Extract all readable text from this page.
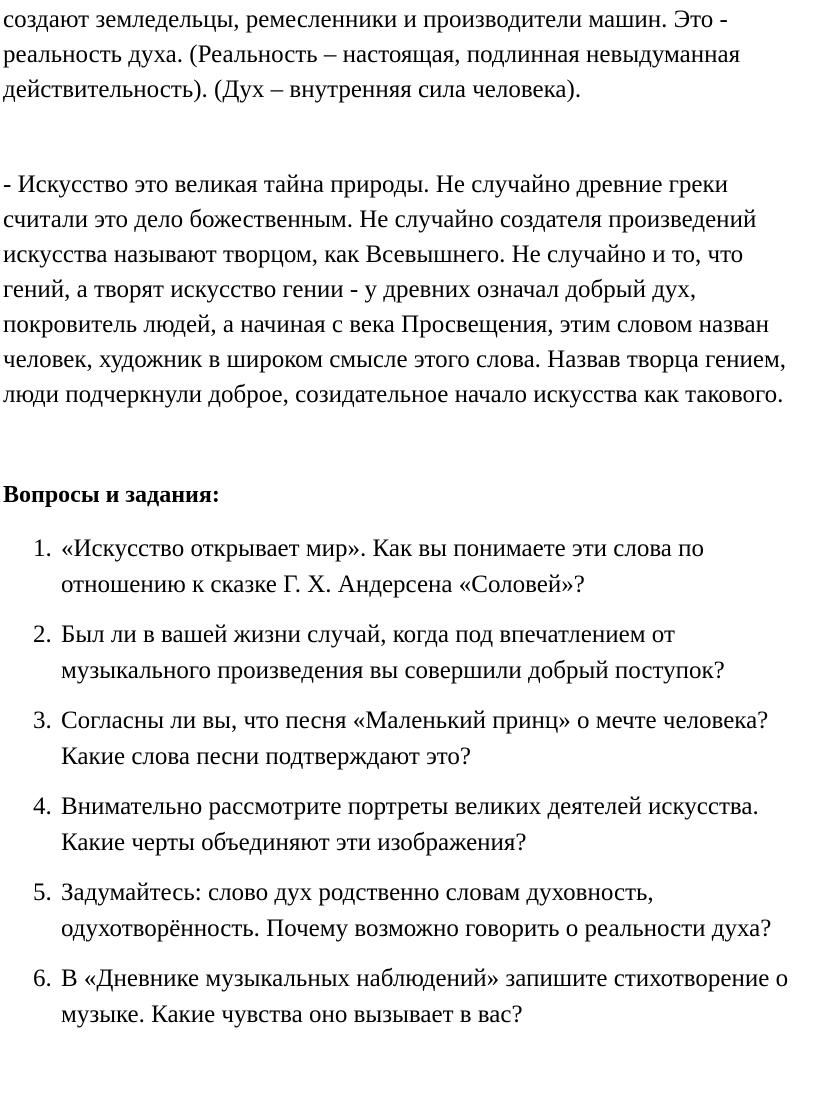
создают земледельцы, ремесленники и производители машин. Это - реальность духа. (Реальность – настоящая, подлинная невыдуманная действительность). (Дух – внутренняя сила человека).

- Искусство это великая тайна природы. Не случайно древние греки считали это дело божественным. Не случайно создателя произведений искусства называют творцом, как Всевышнего. Не случайно и то, что гений, а творят искусство гении - у древних означал добрый дух, покровитель людей, а начиная с века Просвещения, этим словом назван человек, художник в широком смысле этого слова. Назвав творца гением, люди подчеркнули доброе, созидательное начало искусства как такового.

Вопросы и задания:
1. «Искусство открывает мир». Как вы понимаете эти слова по отношению к сказке Г. Х. Андерсена «Соловей»?
2. Был ли в вашей жизни случай, когда под впечатлением от музыкального произведения вы совершили добрый поступок?
3. Согласны ли вы, что песня «Маленький принц» о мечте человека? Какие слова песни подтверждают это?
4. Внимательно рассмотрите портреты великих деятелей искусства. Какие черты объединяют эти изображения?
5. Задумайтесь: слово дух родственно словам духовность, одухотворённость. Почему возможно говорить о реальности духа?
6. В «Дневнике музыкальных наблюдений» запишите стихотворение о музыке. Какие чувства оно вызывает в вас?
